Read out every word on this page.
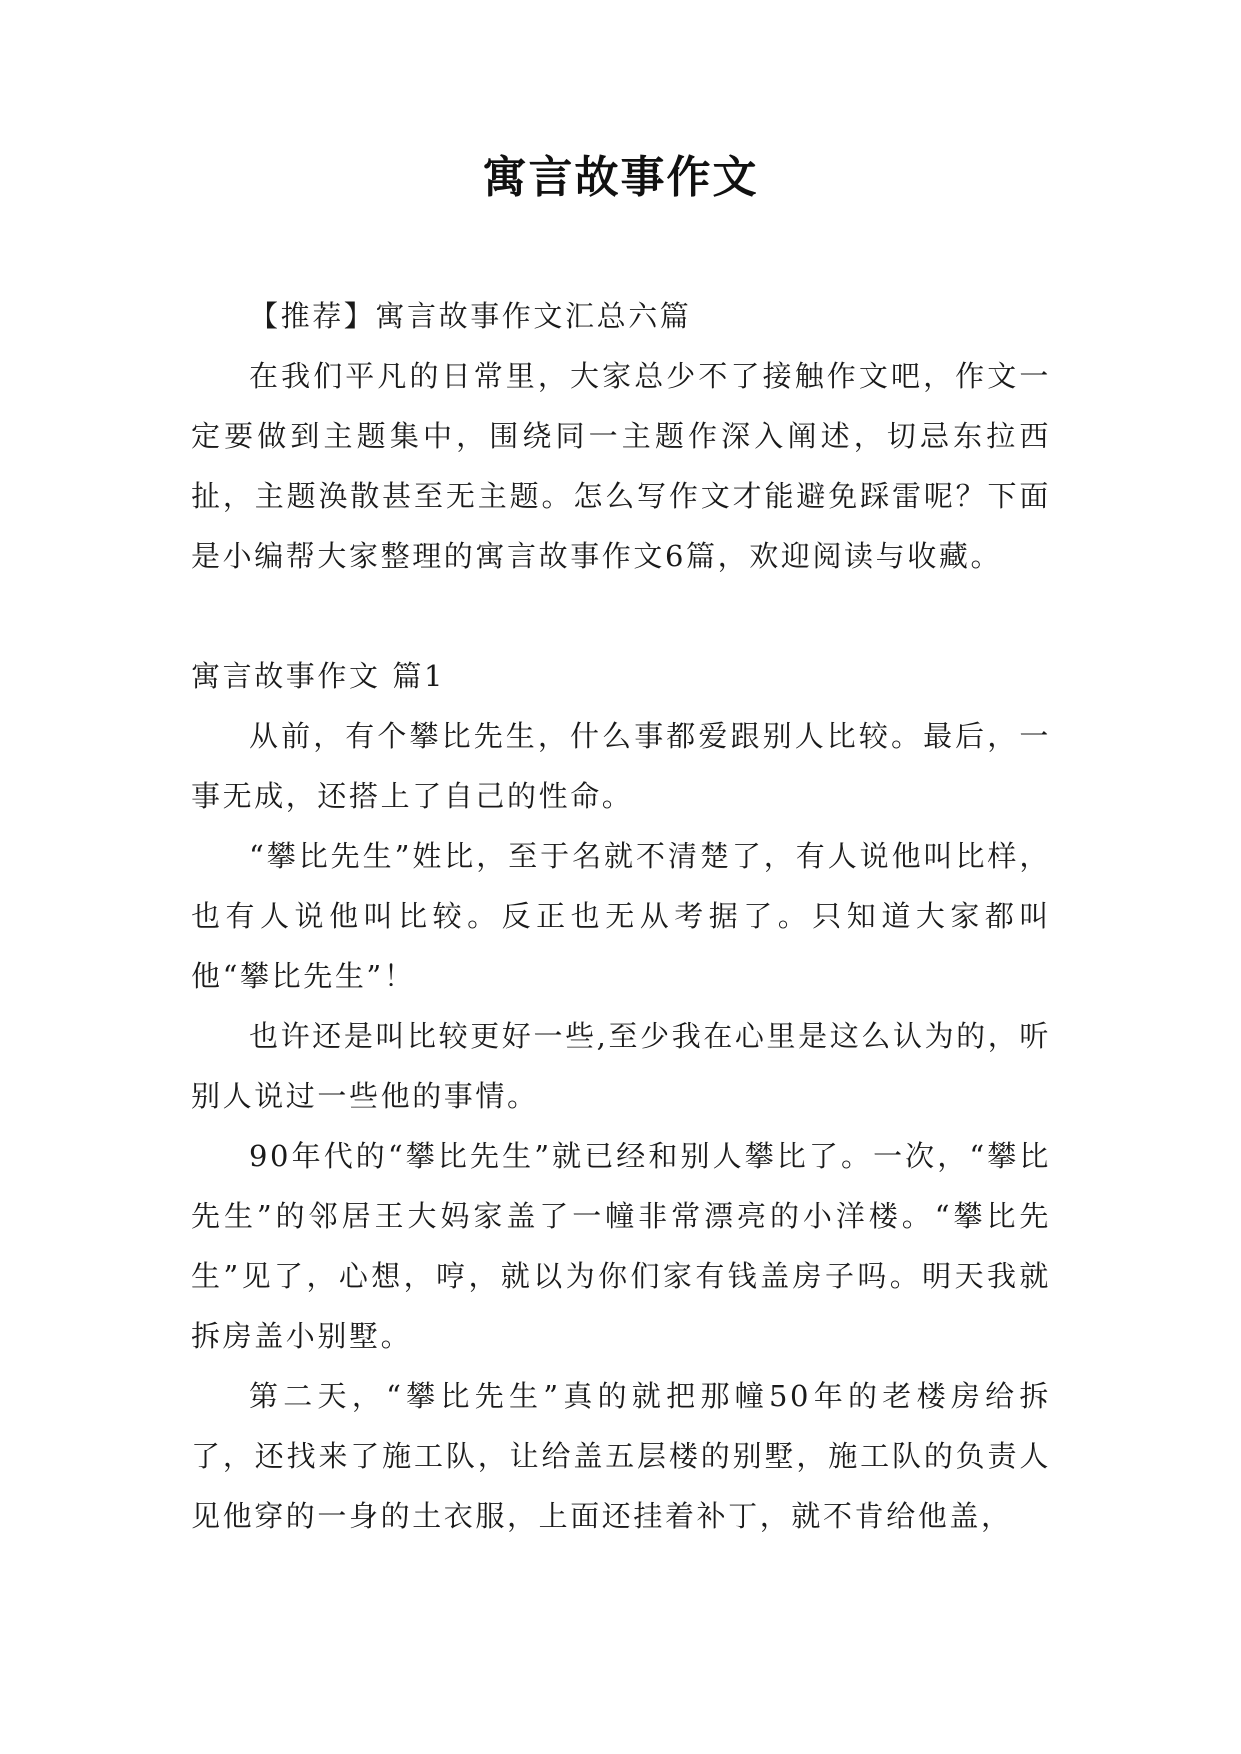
寓言故事作文

【推荐】寓言故事作文汇总六篇

在我们平凡的日常里，大家总少不了接触作文吧，作文一定要做到主题集中，围绕同一主题作深入阐述，切忌东拉西扯，主题涣散甚至无主题。怎么写作文才能避免踩雷呢？下面是小编帮大家整理的寓言故事作文6篇，欢迎阅读与收藏。

寓言故事作文 篇1

从前，有个攀比先生，什么事都爱跟别人比较。最后，一事无成，还搭上了自己的性命。

“攀比先生”姓比，至于名就不清楚了，有人说他叫比样，也有人说他叫比较。反正也无从考据了。只知道大家都叫他“攀比先生”！

也许还是叫比较更好一些,至少我在心里是这么认为的，听别人说过一些他的事情。

90年代的“攀比先生”就已经和别人攀比了。一次，“攀比先生”的邻居王大妈家盖了一幢非常漂亮的小洋楼。“攀比先生”见了，心想，哼，就以为你们家有钱盖房子吗。明天我就拆房盖小别墅。

第二天，“攀比先生”真的就把那幢50年的老楼房给拆了，还找来了施工队，让给盖五层楼的别墅，施工队的负责人见他穿的一身的土衣服，上面还挂着补丁，就不肯给他盖，
